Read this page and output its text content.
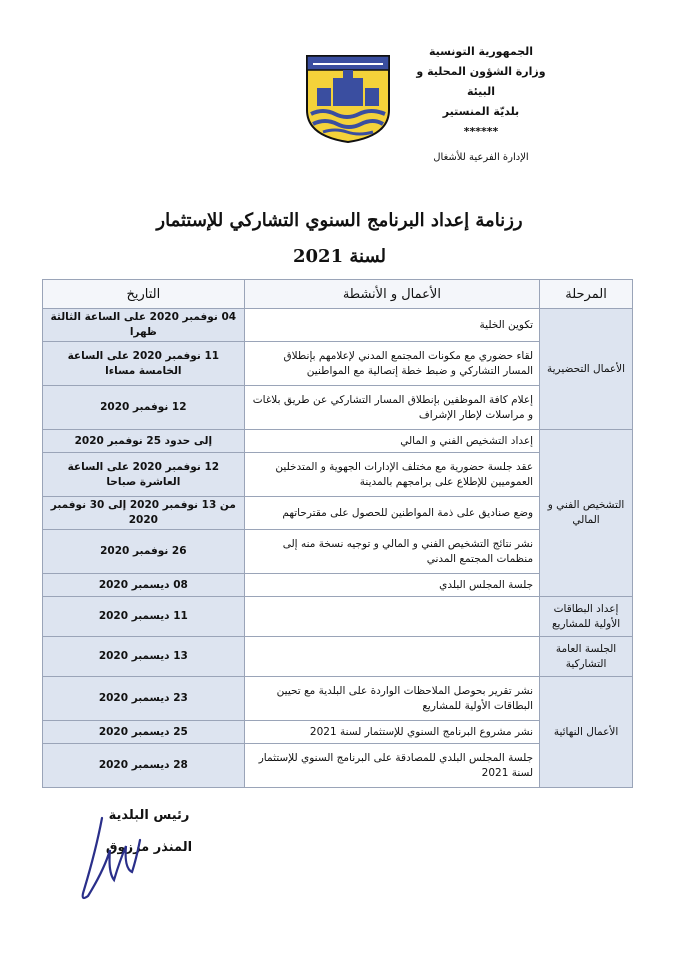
الجمهورية التونسية
وزارة الشؤون المحلية و البيئة
بلديّة المنستير
******
الإدارة الفرعية للأشغال
رزنامة إعداد البرنامج السنوي التشاركي للإستثمار
لسنة 2021
المرحلة	الأعمال و الأنشطة	التاريخ
الأعمال التحضيرية	تكوين الخلية	04 نوفمبر 2020 على الساعة الثالثة ظهرا
	لقاء حضوري مع مكونات المجتمع المدني لإعلامهم بإنطلاق المسار التشاركي و ضبط خطة إتصالية مع المواطنين	11 نوفمبر 2020 على الساعة الخامسة مساءا
	إعلام كافة الموظفين بإنطلاق المسار التشاركي عن طريق بلاغات و مراسلات لإطار الإشراف	12 نوفمبر 2020
التشخيص الفني و المالي	إعداد التشخيص الفني و المالي	إلى حدود 25 نوفمبر 2020
	عقد جلسة حضورية مع مختلف الإدارات الجهوية و المتدخلين العموميين للإطلاع على برامجهم بالمدينة	12 نوفمبر 2020 على الساعة العاشرة صباحا
	وضع صناديق على ذمة المواطنين للحصول على مقترحاتهم	من 13 نوفمبر 2020 إلى 30 نوفمبر 2020
	نشر نتائج التشخيص الفني و المالي و توجيه نسخة منه إلى منظمات المجتمع المدني	26 نوفمبر 2020
	جلسة المجلس البلدي	08 ديسمبر 2020
إعداد البطاقات الأولية للمشاريع		11 ديسمبر 2020
الجلسة العامة التشاركية		13 ديسمبر 2020
الأعمال النهائية	نشر تقرير بحوصل الملاحظات الواردة على البلدية مع تحيين البطاقات الأولية للمشاريع	23 ديسمبر 2020
	نشر مشروع البرنامج السنوي للإستثمار لسنة 2021	25 ديسمبر 2020
	جلسة المجلس البلدي للمصادقة على البرنامج السنوي للإستثمار لسنة 2021	28 ديسمبر 2020
رئيس البلدية
المنذر مرزوق
